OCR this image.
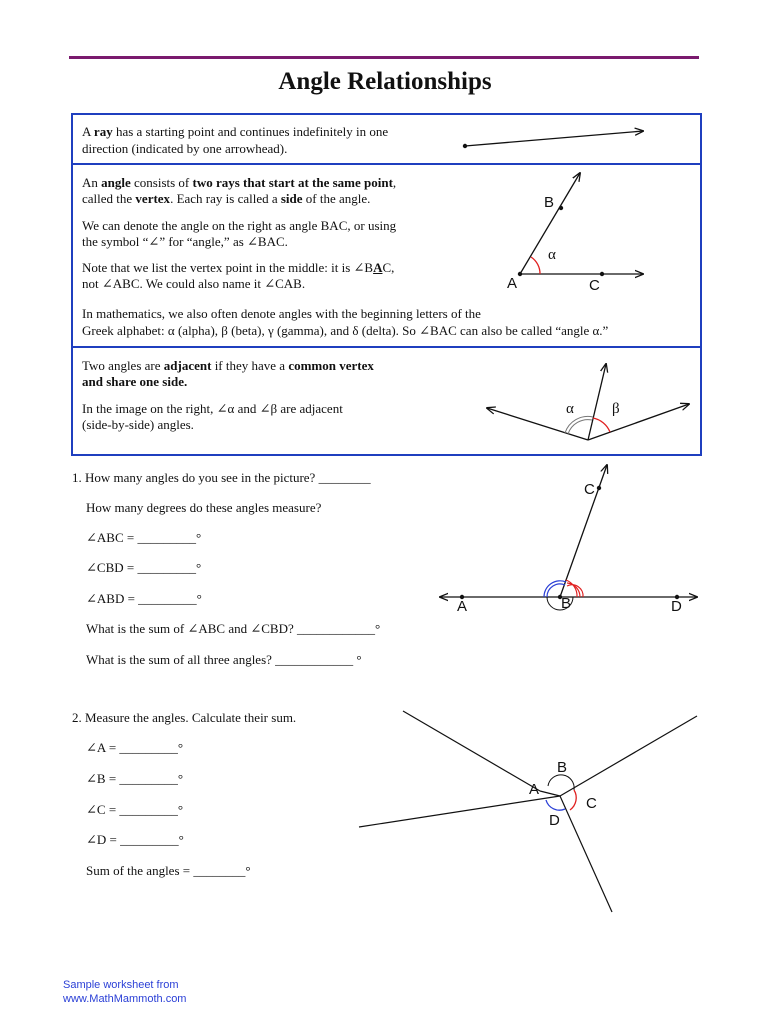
Angle Relationships
A ray has a starting point and continues indefinitely in one
direction (indicated by one arrowhead).
An angle consists of two rays that start at the same point,
called the vertex. Each ray is called a side of the angle.
We can denote the angle on the right as angle BAC, or using
the symbol “∠” for “angle,” as ∠BAC.
Note that we list the vertex point in the middle: it is ∠BAC,
not ∠ABC. We could also name it ∠CAB.
In mathematics, we also often denote angles with the beginning letters of the
Greek alphabet: α (alpha), β (beta), γ (gamma), and δ (delta). So ∠BAC can also be called “angle α.”
Two angles are adjacent if they have a common vertex
and share one side.
In the image on the right, ∠α and ∠β are adjacent
(side-by-side) angles.
1. How many angles do you see in the picture? ________
How many degrees do these angles measure?
∠ABC = _________°
∠CBD = _________°
∠ABD = _________°
What is the sum of ∠ABC and ∠CBD? ____________°
What is the sum of all three angles? ____________ °
2. Measure the angles. Calculate their sum.
∠A = _________°
∠B = _________°
∠C = _________°
∠D = _________°
Sum of the angles = ________°
B
A	C
α
α	β
C
A	B	D
A
B
C
D
Sample worksheet from
www.MathMammoth.com
